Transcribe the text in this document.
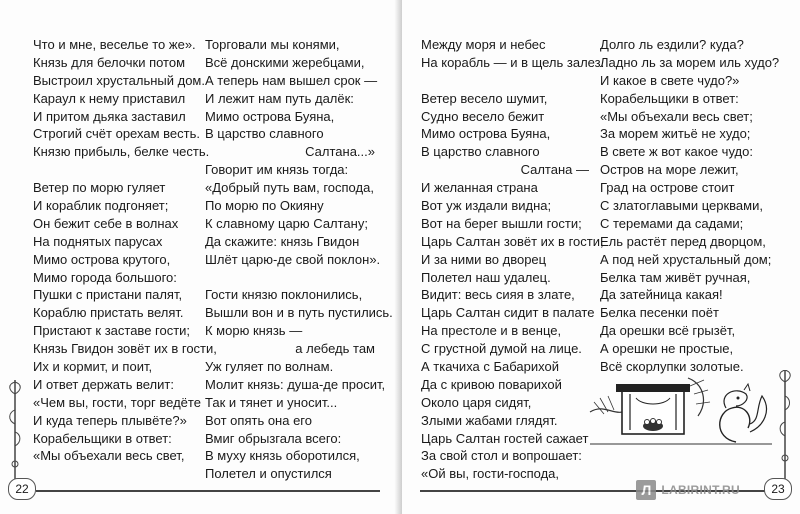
Что и мне, веселье то же».
Князь для белочки потом
Выстроил хрустальный дом.
Караул к нему приставил
И притом дьяка заставил
Строгий счёт орехам весть.
Князю прибыль, белке честь.
Ветер по морю гуляет
И кораблик подгоняет;
Он бежит себе в волнах
На поднятых парусах
Мимо острова крутого,
Мимо города большого:
Пушки с пристани палят,
Кораблю пристать велят.
Пристают к заставе гости;
Князь Гвидон зовёт их в гости,
Их и кормит, и поит,
И ответ держать велит:
«Чем вы, гости, торг ведёте
И куда теперь плывёте?»
Корабельщики в ответ:
«Мы объехали весь свет,
Торговали мы конями,
Всё донскими жеребцами,
А теперь нам вышел срок —
И лежит нам путь далёк:
Мимо острова Буяна,
В царство славного
Салтана...»
Говорит им князь тогда:
«Добрый путь вам, господа,
По морю по Окияну
К славному царю Салтану;
Да скажите: князь Гвидон
Шлёт царю-де свой поклон».
Гости князю поклонились,
Вышли вон и в путь пустились.
К морю князь —
а лебедь там
Уж гуляет по волнам.
Молит князь: душа-де просит,
Так и тянет и уносит...
Вот опять она его
Вмиг обрызгала всего:
В муху князь оборотился,
Полетел и опустился
22
Между моря и небес
На корабль — и в щель залез.
Ветер весело шумит,
Судно весело бежит
Мимо острова Буяна,
В царство славного
Салтана —
И желанная страна
Вот уж издали видна;
Вот на берег вышли гости;
Царь Салтан зовёт их в гости,
И за ними во дворец
Полетел наш удалец.
Видит: весь сияя в злате,
Царь Салтан сидит в палате
На престоле и в венце,
С грустной думой на лице.
А ткачиха с Бабарихой
Да с кривою поварихой
Около царя сидят,
Злыми жабами глядят.
Царь Салтан гостей сажает
За свой стол и вопрошает:
«Ой вы, гости-господа,
Долго ль ездили? куда?
Ладно ль за морем иль худо?
И какое в свете чудо?»
Корабельщики в ответ:
«Мы объехали весь свет;
За морем житьё не худо;
В свете ж вот какое чудо:
Остров на море лежит,
Град на острове стоит
С златоглавыми церквами,
С теремами да садами;
Ель растёт перед дворцом,
А под ней хрустальный дом;
Белка там живёт ручная,
Да затейница какая!
Белка песенки поёт
Да орешки всё грызёт,
А орешки не простые,
Всё скорлупки золотые.
Л LABIRINT.RU	23
